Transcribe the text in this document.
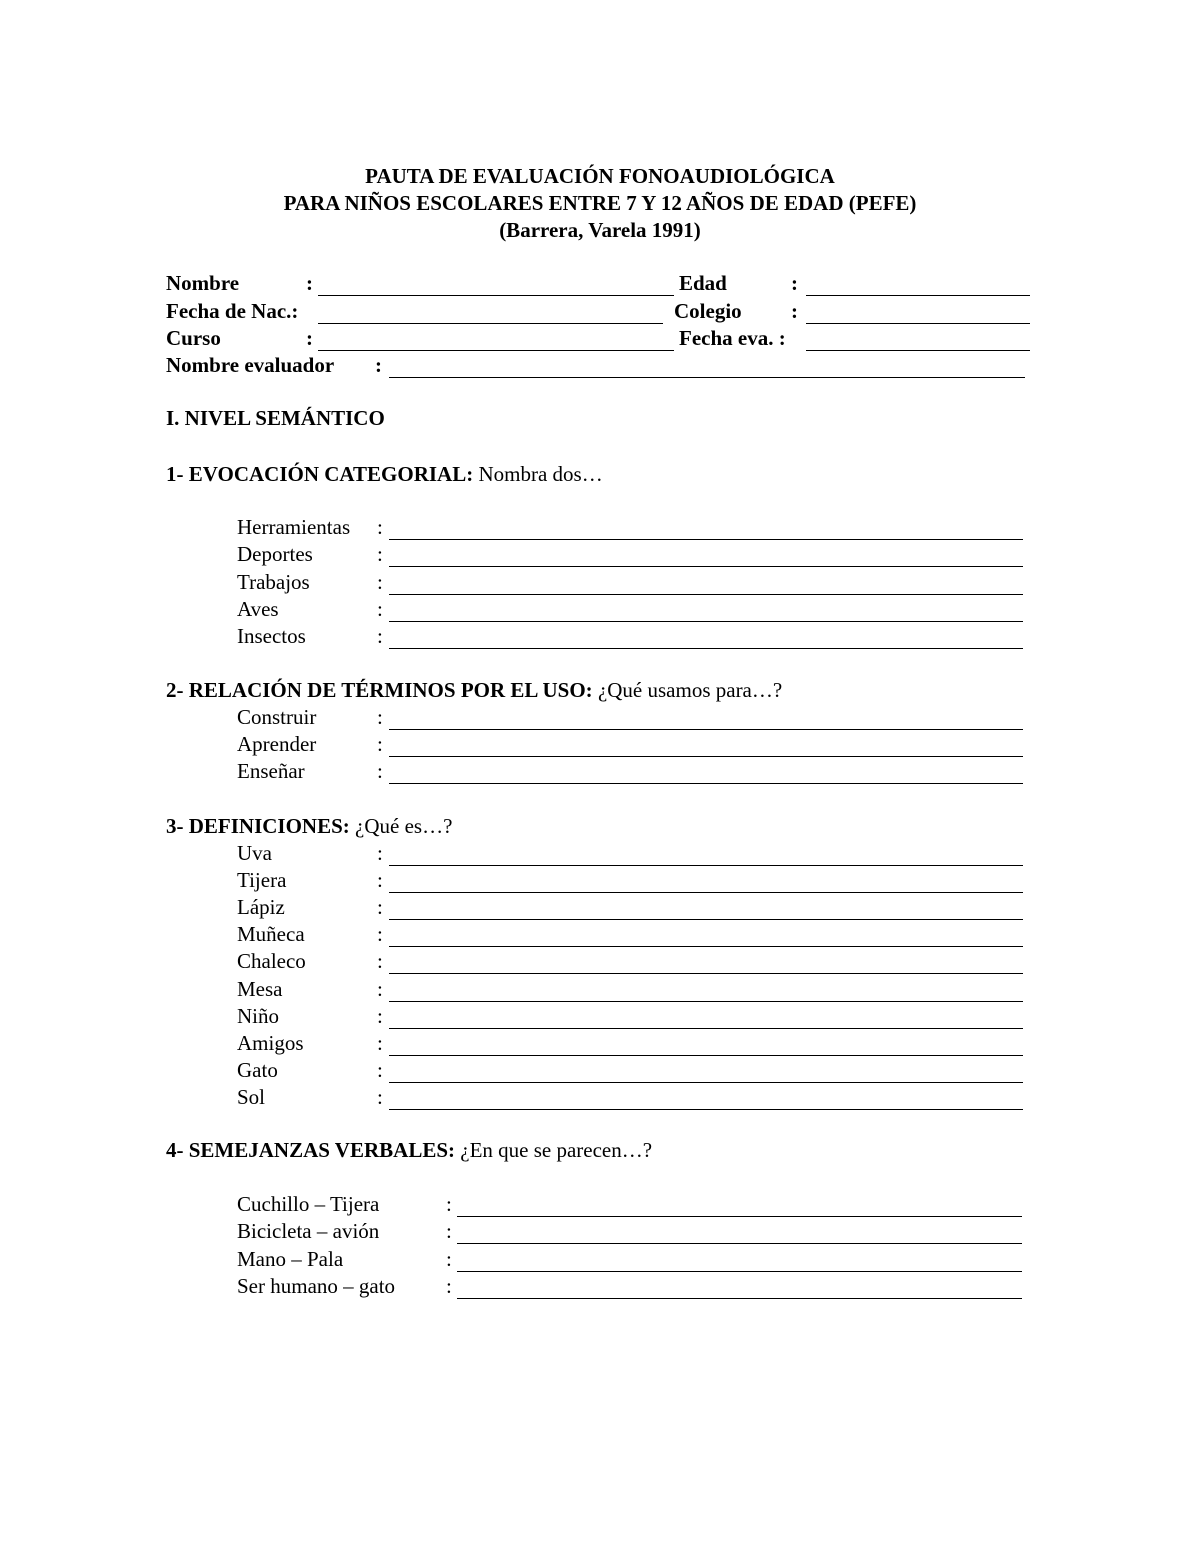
PAUTA DE EVALUACIÓN FONOAUDIOLÓGICA
PARA NIÑOS ESCOLARES ENTRE 7 Y 12 AÑOS DE EDAD (PEFE)
(Barrera, Varela 1991)
Nombre	:	Edad	:
Fecha de Nac.:	Colegio :
Curso	:	Fecha eva. :
Nombre evaluador :
I. NIVEL SEMÁNTICO
1- EVOCACIÓN CATEGORIAL: Nombra dos…
Herramientas :
Deportes	:
Trabajos	:
Aves	:
Insectos	:
2- RELACIÓN DE TÉRMINOS POR EL USO: ¿Qué usamos para…?
Construir	:
Aprender	:
Enseñar	:
3- DEFINICIONES: ¿Qué es…?
Uva	:
Tijera	:
Lápiz	:
Muñeca	:
Chaleco	:
Mesa	:
Niño	:
Amigos	:
Gato	:
Sol	:
4- SEMEJANZAS VERBALES: ¿En que se parecen…?
Cuchillo – Tijera	:
Bicicleta – avión	:
Mano – Pala	:
Ser humano – gato :
